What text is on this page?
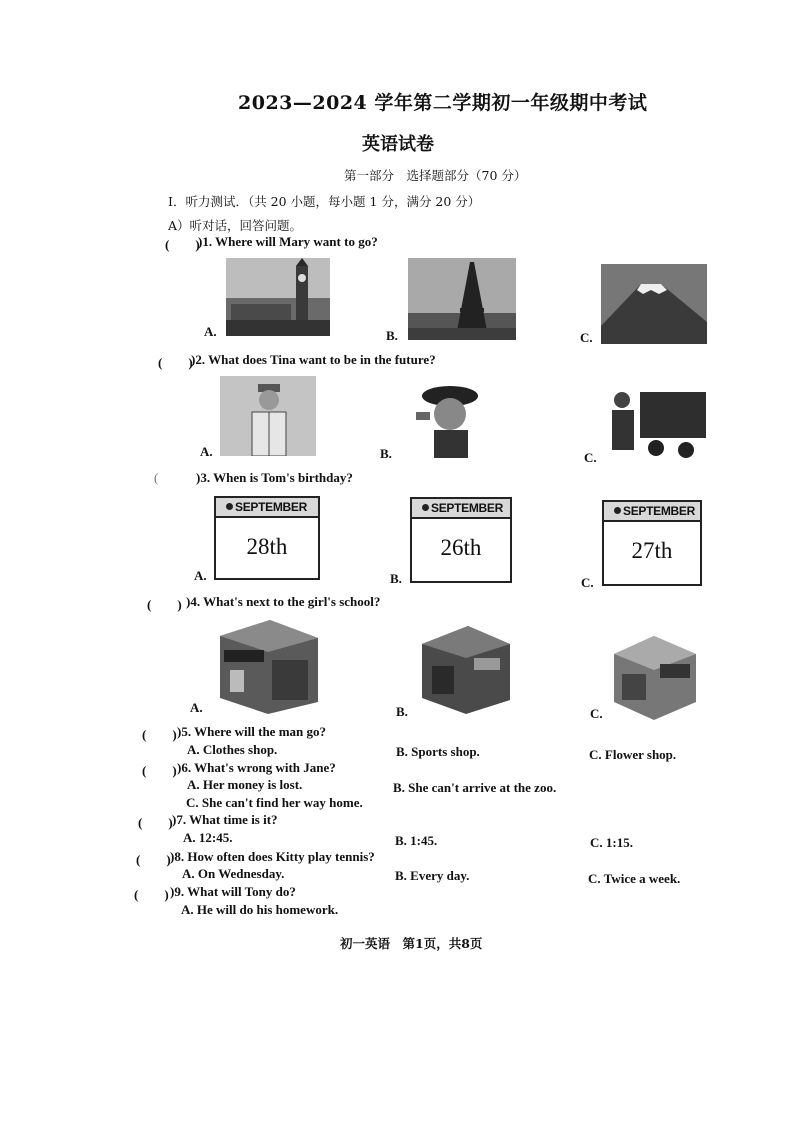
2023—2024 学年第二学期初一年级期中考试
英语试卷
第一部分　选择题部分（70 分）
I．听力测试．（共 20 小题，每小题 1 分，满分 20 分）
A）听对话，回答问题。
(　　)
)1. Where will Mary want to go?
A.	B.	C.
(　　)
)2. What does Tina want to be in the future?
A.	B.	C.
(	)3. When is Tom's birthday?
A.
SEPTEMBER
28th
B.
SEPTEMBER
26th
C.
SEPTEMBER
27th
(　　) )4. What's next to the girl's school?
A.	B.	C.
(　　) )5. Where will the man go?
A. Clothes shop.	B. Sports shop.	C. Flower shop.
(　　) )6. What's wrong with Jane?
A. Her money is lost.	B. She can't arrive at the zoo.
C. She can't find her way home.
(　　) )7. What time is it?
A. 12:45.	B. 1:45.	C. 1:15.
(　　) )8. How often does Kitty play tennis?
A. On Wednesday.	B. Every day.	C. Twice a week.
(　　) )9. What will Tony do?
A. He will do his homework.
初一英语　第1页，共8页
